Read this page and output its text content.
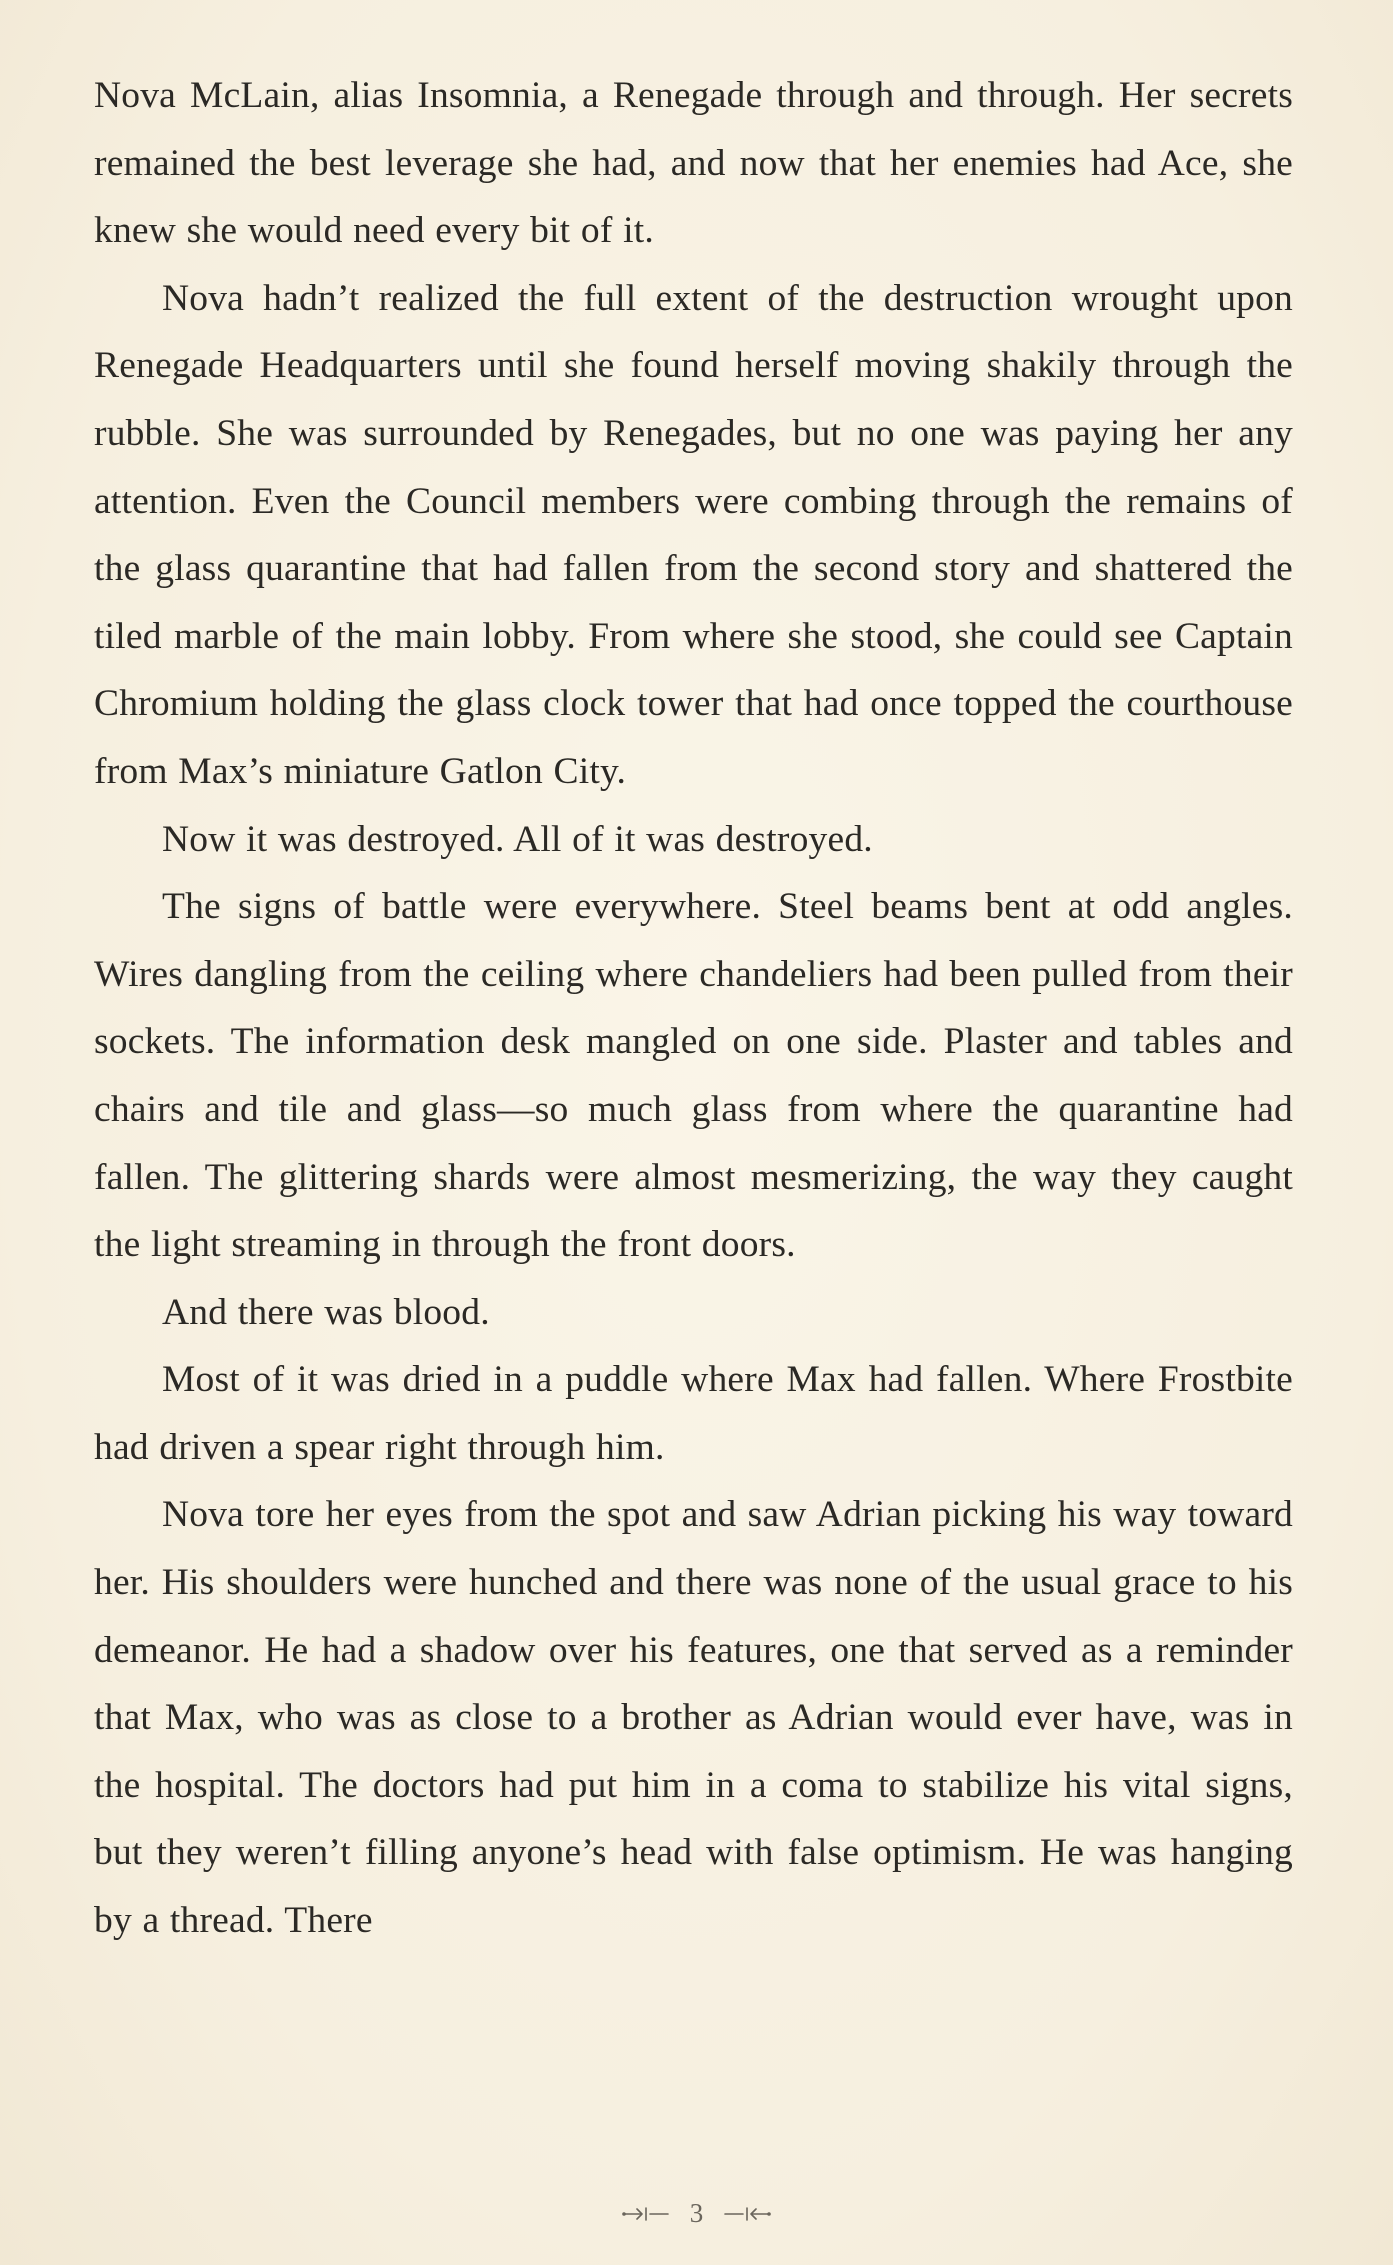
Nova McLain, alias Insomnia, a Renegade through and through. Her secrets remained the best leverage she had, and now that her enemies had Ace, she knew she would need every bit of it.

Nova hadn’t realized the full extent of the destruction wrought upon Renegade Headquarters until she found herself moving shakily through the rubble. She was surrounded by Renegades, but no one was paying her any attention. Even the Council members were combing through the remains of the glass quarantine that had fallen from the second story and shattered the tiled marble of the main lobby. From where she stood, she could see Captain Chromium holding the glass clock tower that had once topped the courthouse from Max’s miniature Gatlon City.

Now it was destroyed. All of it was destroyed.

The signs of battle were everywhere. Steel beams bent at odd angles. Wires dangling from the ceiling where chandeliers had been pulled from their sockets. The information desk mangled on one side. Plaster and tables and chairs and tile and glass—so much glass from where the quarantine had fallen. The glittering shards were almost mesmerizing, the way they caught the light streaming in through the front doors.

And there was blood.

Most of it was dried in a puddle where Max had fallen. Where Frostbite had driven a spear right through him.

Nova tore her eyes from the spot and saw Adrian picking his way toward her. His shoulders were hunched and there was none of the usual grace to his demeanor. He had a shadow over his features, one that served as a reminder that Max, who was as close to a brother as Adrian would ever have, was in the hospital. The doctors had put him in a coma to stabilize his vital signs, but they weren’t filling anyone’s head with false optimism. He was hanging by a thread. There

3
